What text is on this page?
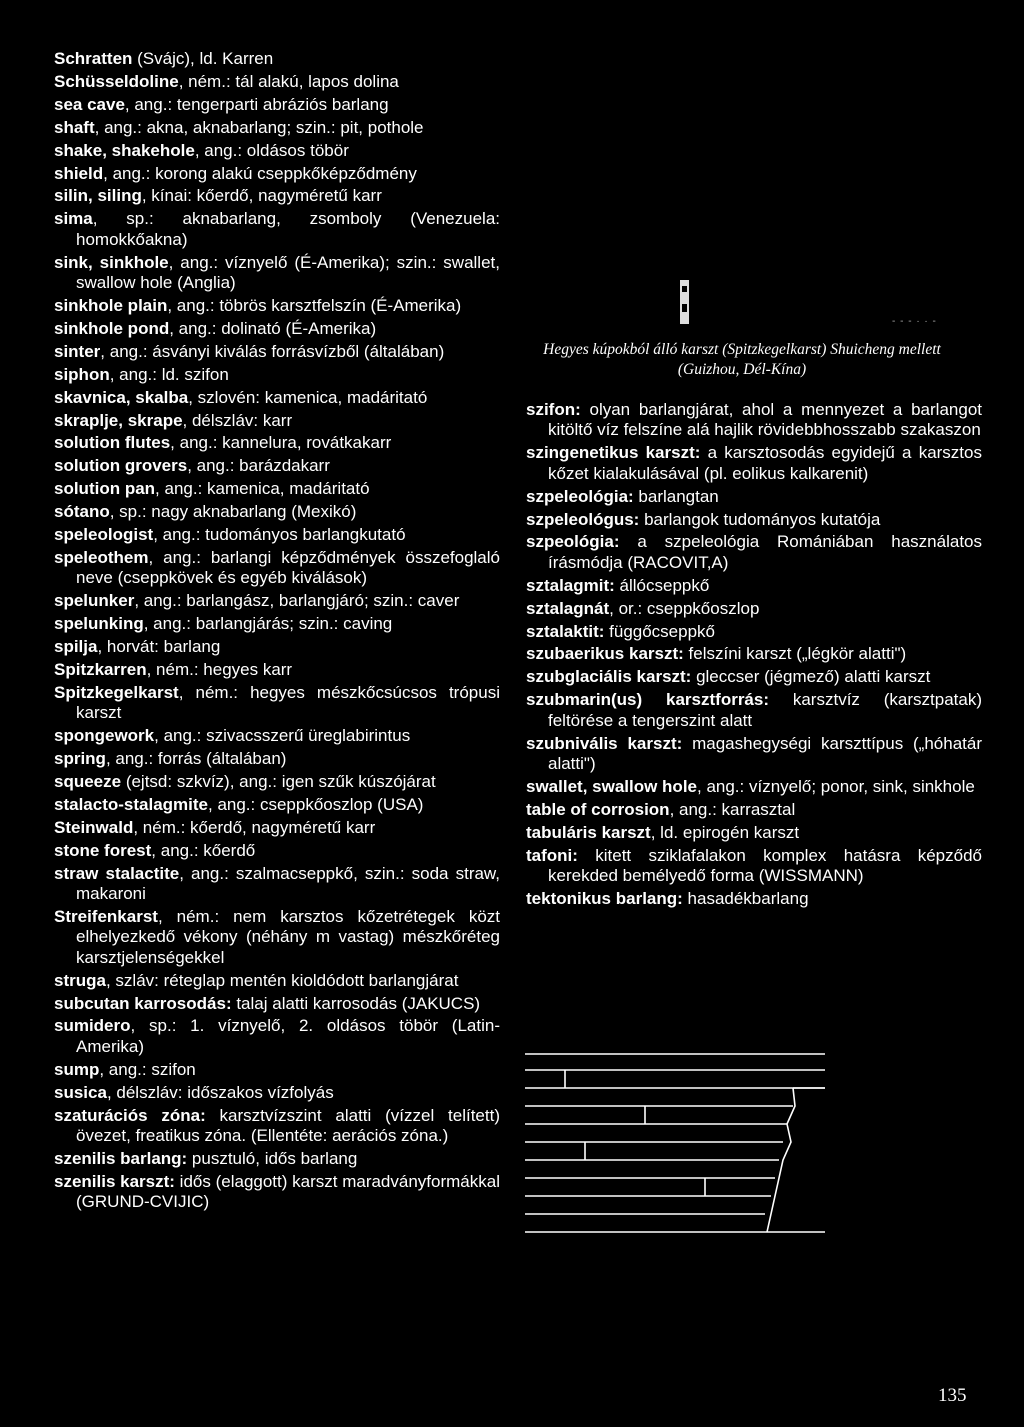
Schratten (Svájc), ld. Karren
Schüsseldoline, ném.: tál alakú, lapos dolina
sea cave, ang.: tengerparti abráziós barlang
shaft, ang.: akna, aknabarlang; szin.: pit, pothole
shake, shakehole, ang.: oldásos töbör
shield, ang.: korong alakú cseppkőképződmény
silin, siling, kínai: kőerdő, nagyméretű karr
sima, sp.: aknabarlang, zsomboly (Venezuela: homokkőakna)
sink, sinkhole, ang.: víznyelő (É-Amerika); szin.: swallet, swallow hole (Anglia)
sinkhole plain, ang.: töbrös karsztfelszín (É-Amerika)
sinkhole pond, ang.: dolinató (É-Amerika)
sinter, ang.: ásványi kiválás forrásvízből (általában)
siphon, ang.: ld. szifon
skavnica, skalba, szlovén: kamenica, madáritató
skraplje, skrape, délszláv: karr
solution flutes, ang.: kannelura, rovátkakarr
solution grovers, ang.: barázdakarr
solution pan, ang.: kamenica, madáritató
sótano, sp.: nagy aknabarlang (Mexikó)
speleologist, ang.: tudományos barlangkutató
speleothem, ang.: barlangi képződmények összefoglaló neve (cseppkövek és egyéb kiválások)
spelunker, ang.: barlangász, barlangjáró; szin.: caver
spelunking, ang.: barlangjárás; szin.: caving
spilja, horvát: barlang
Spitzkarren, ném.: hegyes karr
Spitzkegelkarst, ném.: hegyes mészkőcsúcsos trópusi karszt
spongework, ang.: szivacsszerű üreglabirintus
spring, ang.: forrás (általában)
squeeze (ejtsd: szkvíz), ang.: igen szűk kúszójárat
stalacto-stalagmite, ang.: cseppkőoszlop (USA)
Steinwald, ném.: kőerdő, nagyméretű karr
stone forest, ang.: kőerdő
straw stalactite, ang.: szalmacseppkő, szin.: soda straw, makaroni
Streifenkarst, ném.: nem karsztos kőzetrétegek közt elhelyezkedő vékony (néhány m vastag) mészkőréteg karsztjelenségekkel
struga, szláv: réteglap mentén kioldódott barlangjárat
subcutan karrosodás: talaj alatti karrosodás (JAKUCS)
sumidero, sp.: 1. víznyelő, 2. oldásos töbör (Latin-Amerika)
sump, ang.: szifon
susica, délszláv: időszakos vízfolyás
szaturációs zóna: karsztvízszint alatti (vízzel telített) övezet, freatikus zóna. (Ellentéte: aerációs zóna.)
szenilis barlang: pusztuló, idős barlang
szenilis karszt: idős (elaggott) karszt maradványformákkal (GRUND-CVIJIC)
- - - · · -
Hegyes kúpokból álló karszt (Spitzkegelkarst) Shuicheng mellett (Guizhou, Dél-Kína)
szifon: olyan barlangjárat, ahol a mennyezet a barlangot kitöltő víz felszíne alá hajlik rövidebbhosszabb szakaszon
szingenetikus karszt: a karsztosodás egyidejű a karsztos kőzet kialakulásával (pl. eolikus kalkarenit)
szpeleológia: barlangtan
szpeleológus: barlangok tudományos kutatója
szpeológia: a szpeleológia Romániában használatos írásmódja (RACOVIT,A)
sztalagmit: állócseppkő
sztalagnát, or.: cseppkőoszlop
sztalaktit: függőcseppkő
szubaerikus karszt: felszíni karszt („légkör alatti")
szubglaciális karszt: gleccser (jégmező) alatti karszt
szubmarin(us) karsztforrás: karsztvíz (karsztpatak) feltörése a tengerszint alatt
szubnivális karszt: magashegységi karszttípus („hóhatár alatti")
swallet, swallow hole, ang.: víznyelő; ponor, sink, sinkhole
table of corrosion, ang.: karrasztal
tabuláris karszt, ld. epirogén karszt
tafoni: kitett sziklafalakon komplex hatásra képződő kerekded bemélyedő forma (WISSMANN)
tektonikus barlang: hasadékbarlang
135
